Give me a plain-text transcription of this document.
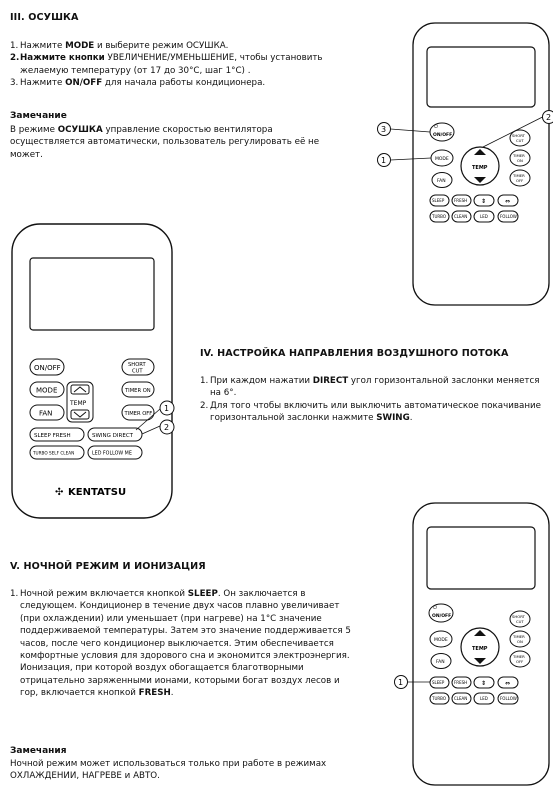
III. ОСУШКА
1. Нажмите MODE и выберите режим ОСУШКА.
2. Нажмите кнопки УВЕЛИЧЕНИЕ/УМЕНЬШЕНИЕ, чтобы установить желаемую температуру (от 17 до 30°C, шаг 1°C) .
3. Нажмите ON/OFF для начала работы кондиционера.
Замечание
В режиме ОСУШКА управление скоростью вентилятора осуществляется автоматически, пользователь регулировать её не может.
⏻
ON/OFF
MODE
FAN
TEMP
SHORT
CUT
TIMER
ON
TIMER
OFF
SLEEP FRESH ⇕	⇔
TURBO CLEAN	LED	FOLLOW
3
2
1
ON/OFF	SHORT
CUT
MODE
FAN
TEMP
TIMER ON
TIMER OFF
SLEEP FRESH	SWING DIRECT
TURBO SELF CLEAN	LED FOLLOW ME
✣ KENTATSU
1
2
IV. НАСТРОЙКА НАПРАВЛЕНИЯ ВОЗДУШНОГО ПОТОКА
1. При каждом нажатии DIRECT угол горизонтальной заслонки меняется на 6°.
2. Для того чтобы включить или выключить автоматическое покачивание горизонтальной заслонки нажмите SWING.
V. НОЧНОЙ РЕЖИМ И ИОНИЗАЦИЯ
1. Ночной режим включается кнопкой SLEEP. Он заключается в следующем. Кондиционер в течение двух часов плавно увеличивает (при охлаждении) или уменьшает (при нагреве) на 1°C значение поддерживаемой температуры. Затем это значение поддерживается 5 часов, после чего кондиционер выключается. Этим обеспечивается комфортные условия для здорового сна и экономится электроэнергия.
Ионизация, при которой воздух обогащается благотворными отрицательно заряженными ионами, которыми богат воздух лесов и гор, включается кнопкой FRESH.
Замечания
Ночной режим может использоваться только при работе в режимах ОХЛАЖДЕНИИ, НАГРЕВЕ и АВТО.
⏻
ON/OFF
MODE
FAN
TEMP
SHORT
CUT
TIMER
ON
TIMER
OFF
SLEEP FRESH ⇕	⇔
TURBO CLEAN	LED	FOLLOW
1
